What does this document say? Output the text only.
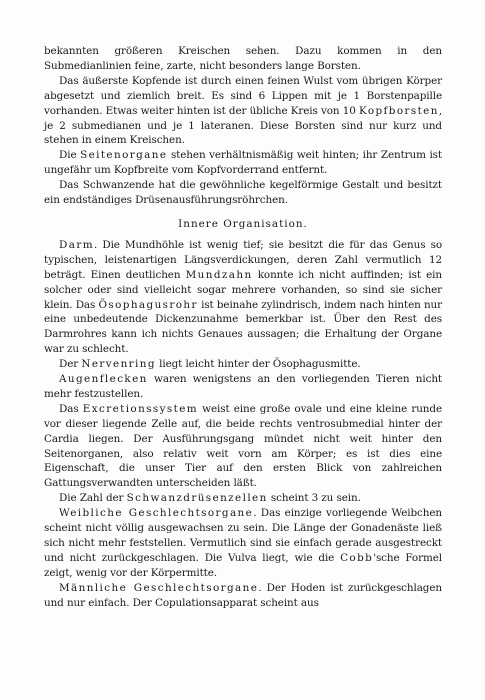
bekannten größeren Kreischen sehen. Dazu kommen in den Submedianlinien feine, zarte, nicht besonders lange Borsten.

Das äußerste Kopfende ist durch einen feinen Wulst vom übrigen Körper abgesetzt und ziemlich breit. Es sind 6 Lippen mit je 1 Borstenpapille vorhanden. Etwas weiter hinten ist der übliche Kreis von 10 Kopfborsten, je 2 submedianen und je 1 lateranen. Diese Borsten sind nur kurz und stehen in einem Kreischen.

Die Seitenorgane stehen verhältnismäßig weit hinten; ihr Zentrum ist ungefähr um Kopfbreite vom Kopfvorderrand entfernt.

Das Schwanzende hat die gewöhnliche kegelförmige Gestalt und besitzt ein endständiges Drüsenausführungsröhrchen.

Innere Organisation.

Darm. Die Mundhöhle ist wenig tief; sie besitzt die für das Genus so typischen, leistenartigen Längsverdickungen, deren Zahl vermutlich 12 beträgt. Einen deutlichen Mundzahn konnte ich nicht auffinden; ist ein solcher oder sind vielleicht sogar mehrere vorhanden, so sind sie sicher klein. Das Ösophagusrohr ist beinahe zylindrisch, indem nach hinten nur eine unbedeutende Dickenzunahme bemerkbar ist. Über den Rest des Darmrohres kann ich nichts Genaues aussagen; die Erhaltung der Organe war zu schlecht.

Der Nervenring liegt leicht hinter der Ösophagusmitte.

Augenflecken waren wenigstens an den vorliegenden Tieren nicht mehr festzustellen.

Das Excretionssystem weist eine große ovale und eine kleine runde vor dieser liegende Zelle auf, die beide rechts ventrosubmedial hinter der Cardia liegen. Der Ausführungsgang mündet nicht weit hinter den Seitenorganen, also relativ weit vorn am Körper; es ist dies eine Eigenschaft, die unser Tier auf den ersten Blick von zahlreichen Gattungsverwandten unterscheiden läßt.

Die Zahl der Schwanzdrüsenzellen scheint 3 zu sein.

Weibliche Geschlechtsorgane. Das einzige vorliegende Weibchen scheint nicht völlig ausgewachsen zu sein. Die Länge der Gonadenäste ließ sich nicht mehr feststellen. Vermutlich sind sie einfach gerade ausgestreckt und nicht zurückgeschlagen. Die Vulva liegt, wie die Cobb'sche Formel zeigt, wenig vor der Körpermitte.

Männliche Geschlechtsorgane. Der Hoden ist zurückgeschlagen und nur einfach. Der Copulationsapparat scheint aus
